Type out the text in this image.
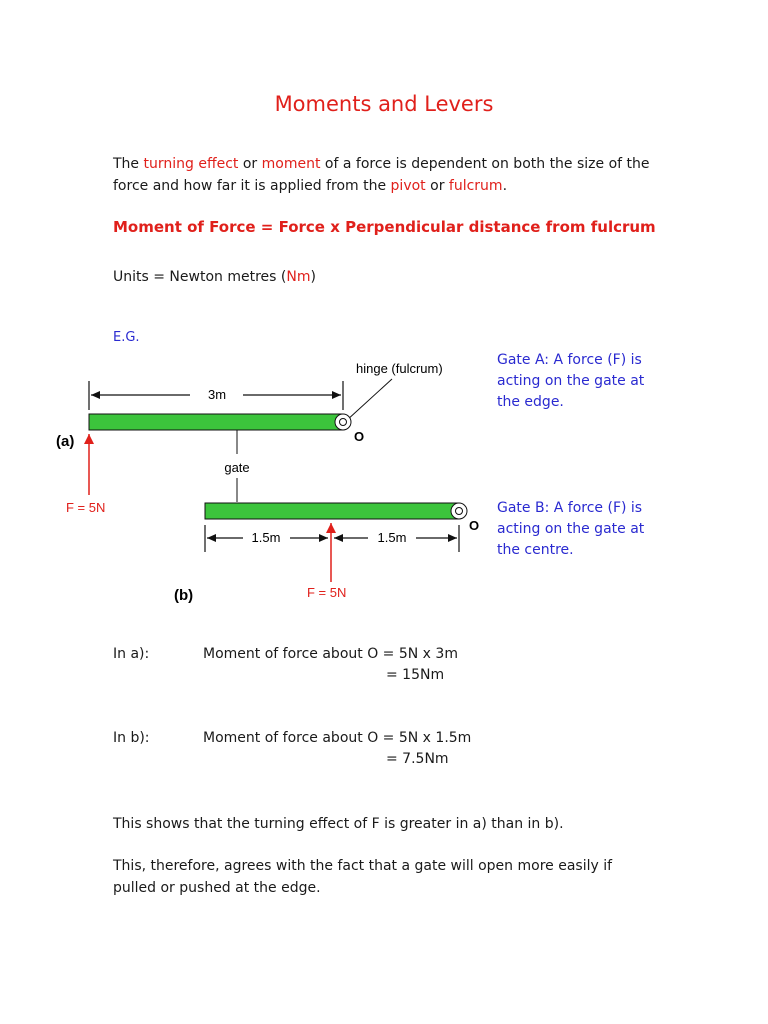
Moments and Levers
The turning effect or moment of a force is dependent on both the size of the force and how far it is applied from the pivot or fulcrum.
Moment of Force = Force x Perpendicular distance from fulcrum
Units = Newton metres (Nm)
E.G.
3m
hinge (fulcrum)
O
(a)
F = 5N
gate
O
1.5m	1.5m
F = 5N
(b)
Gate A: A force (F) is acting on the gate at the edge.
Gate B: A force (F) is acting on the gate at the centre.
In a):	Moment of force about O = 5N x 3m
= 15Nm
In b):	Moment of force about O = 5N x 1.5m
= 7.5Nm
This shows that the turning effect of F is greater in a) than in b).
This, therefore, agrees with the fact that a gate will open more easily if pulled or pushed at the edge.
